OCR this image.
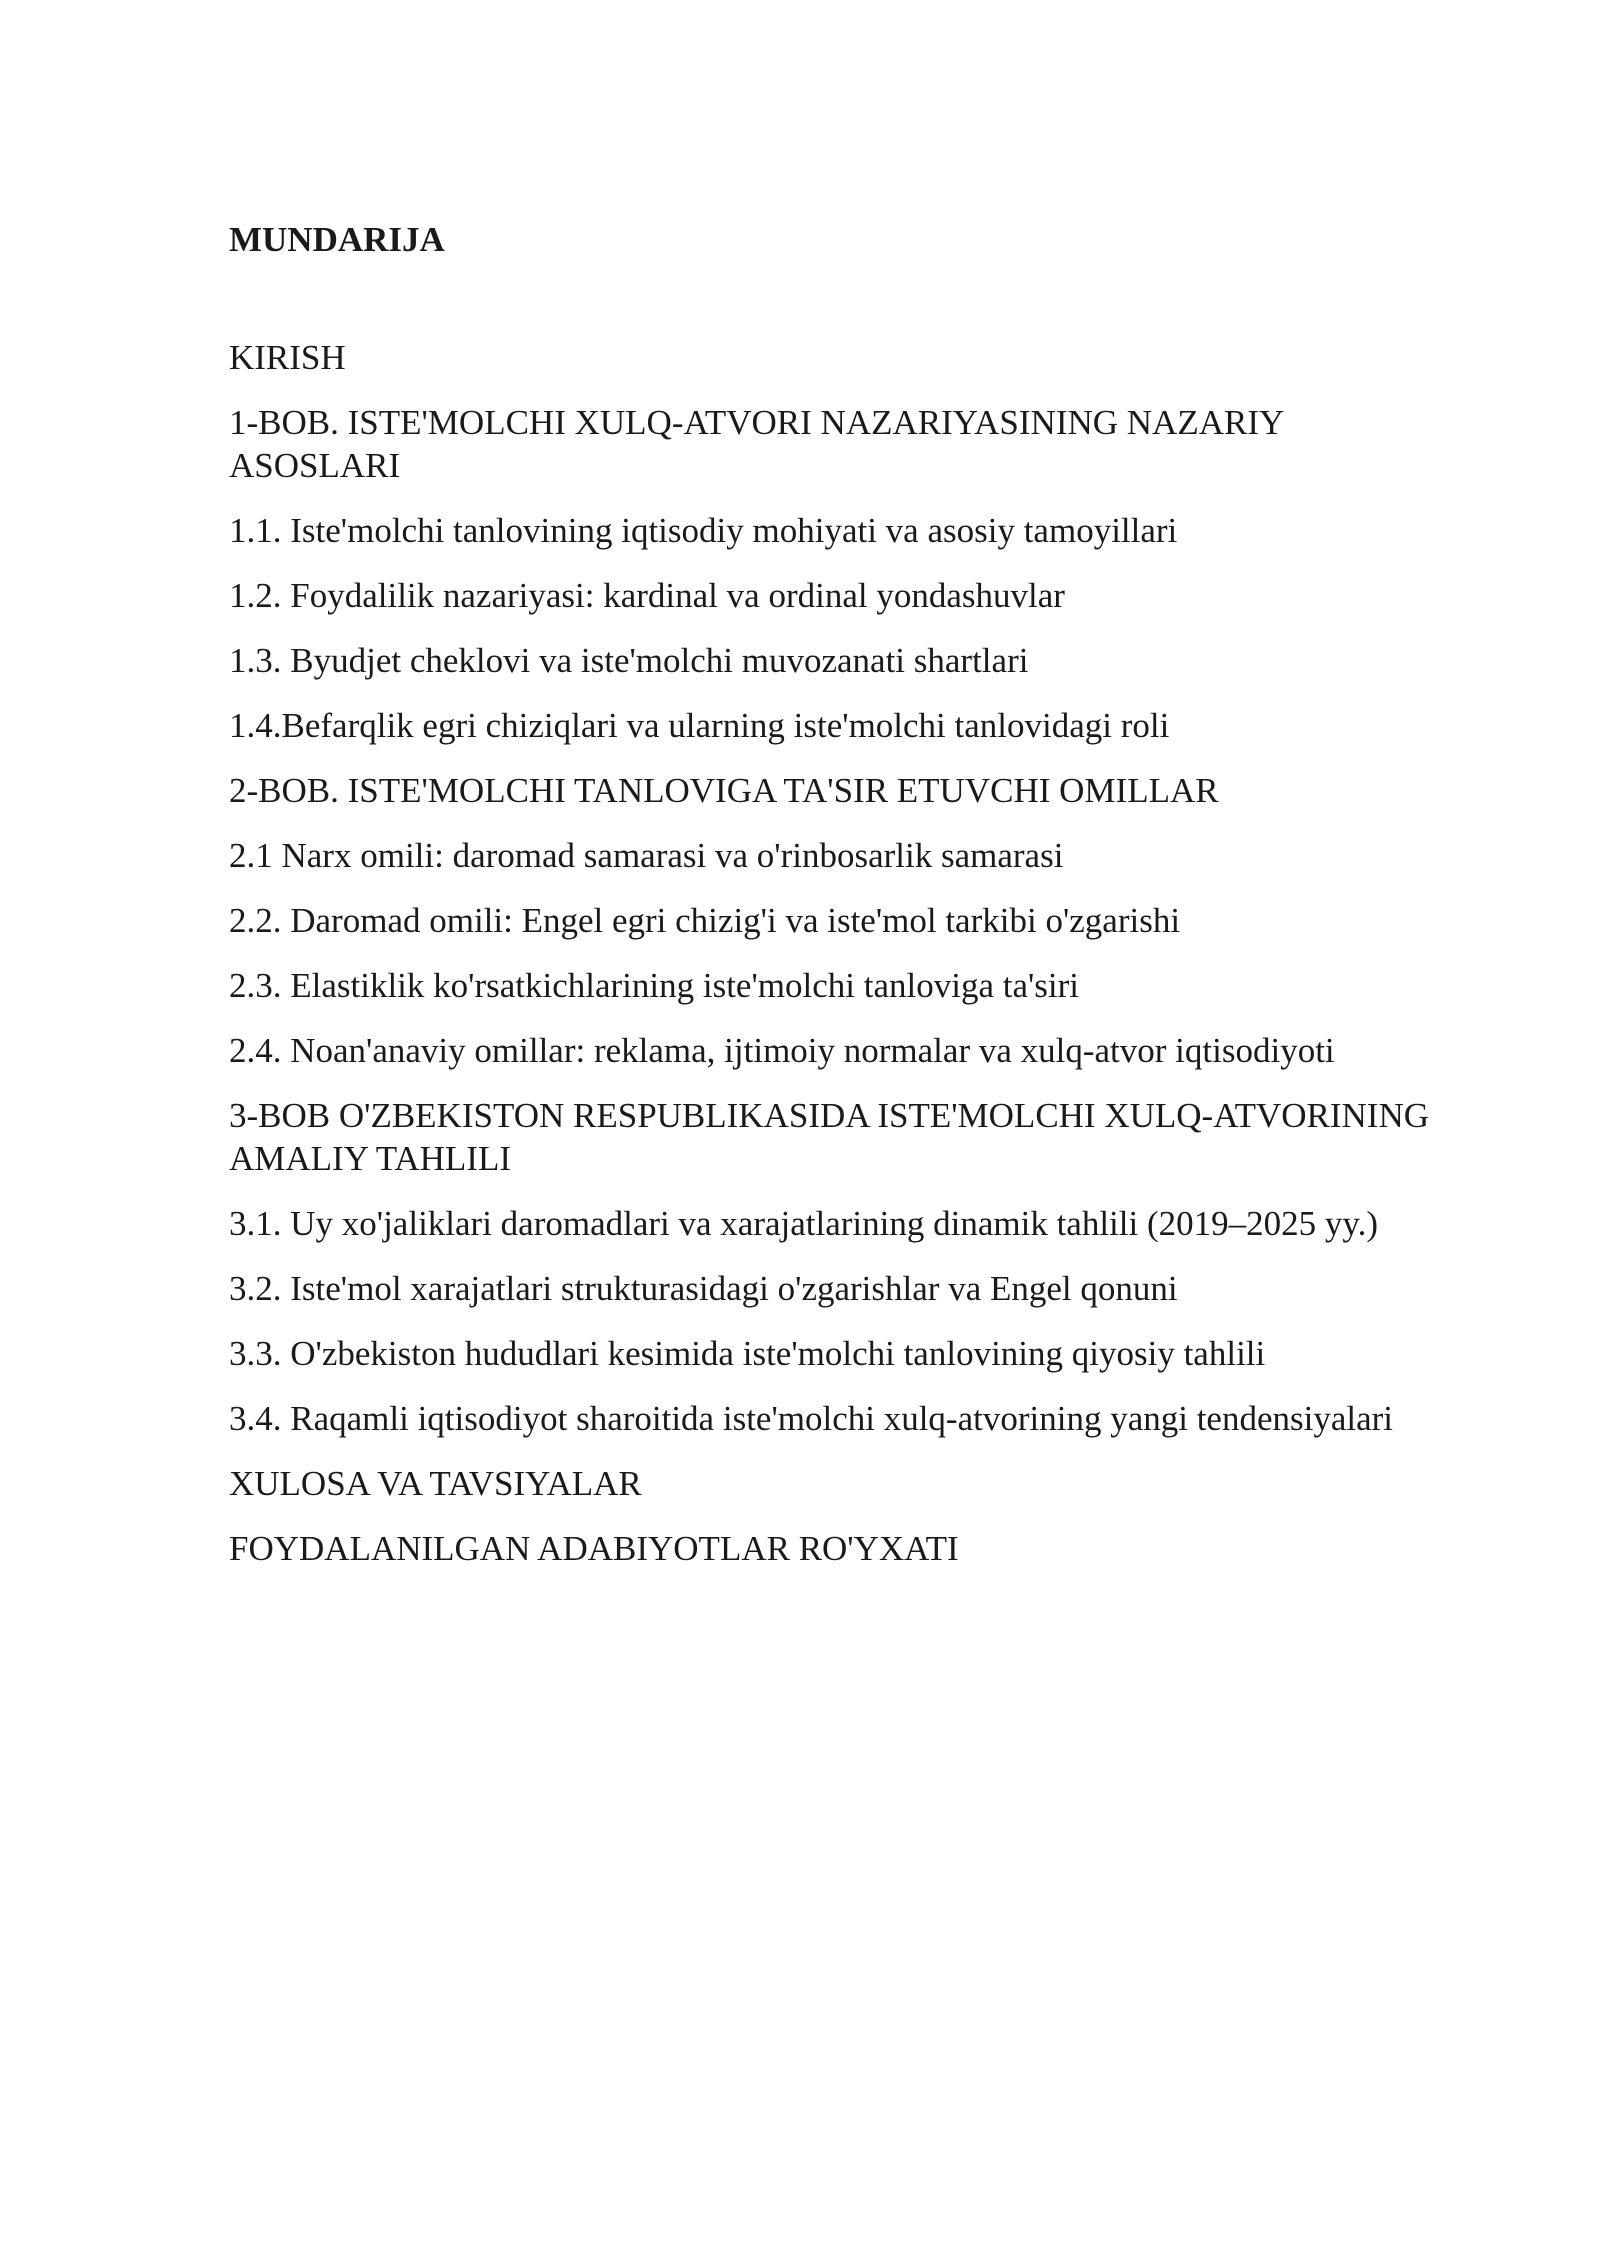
MUNDARIJA
KIRISH
1-BOB. ISTE'MOLCHI XULQ-ATVORI NAZARIYASINING NAZARIY ASOSLARI
1.1. Iste'molchi tanlovining iqtisodiy mohiyati va asosiy tamoyillari
1.2. Foydalilik nazariyasi: kardinal va ordinal yondashuvlar
1.3. Byudjet cheklovi va iste'molchi muvozanati shartlari
1.4.Befarqlik egri chiziqlari va ularning iste'molchi tanlovidagi roli
2-BOB. ISTE'MOLCHI TANLOVIGA TA'SIR ETUVCHI OMILLAR
2.1 Narx omili: daromad samarasi va o'rinbosarlik samarasi
2.2. Daromad omili: Engel egri chizig'i va iste'mol tarkibi o'zgarishi
2.3. Elastiklik ko'rsatkichlarining iste'molchi tanloviga ta'siri
2.4. Noan'anaviy omillar: reklama, ijtimoiy normalar va xulq-atvor iqtisodiyoti
3-BOB O'ZBEKISTON RESPUBLIKASIDA ISTE'MOLCHI XULQ-ATVORINING AMALIY TAHLILI
3.1. Uy xo'jaliklari daromadlari va xarajatlarining dinamik tahlili (2019–2025 yy.)
3.2. Iste'mol xarajatlari strukturasidagi o'zgarishlar va Engel qonuni
3.3. O'zbekiston hududlari kesimida iste'molchi tanlovining qiyosiy tahlili
3.4. Raqamli iqtisodiyot sharoitida iste'molchi xulq-atvorining yangi tendensiyalari
XULOSA VA TAVSIYALAR
FOYDALANILGAN ADABIYOTLAR RO'YXATI
